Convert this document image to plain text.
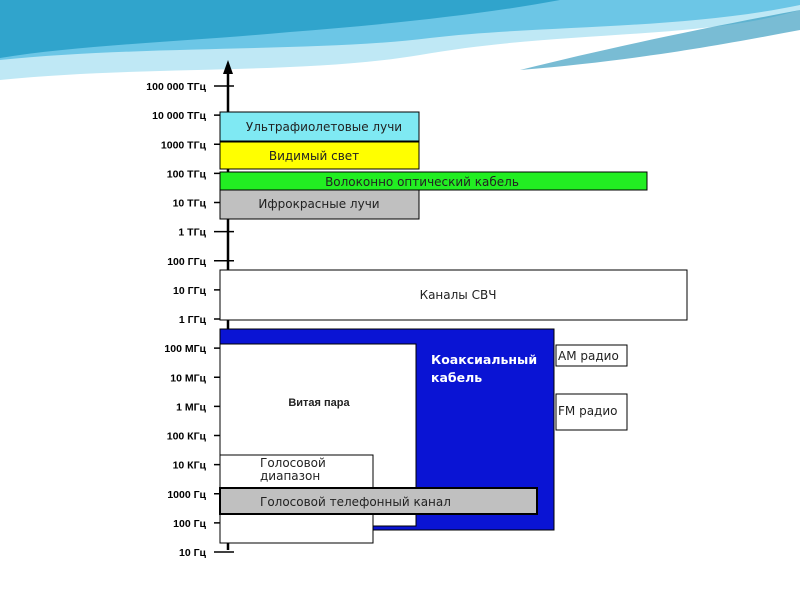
100 000 ТГц
10 000 ТГц
1000 ТГц
100 ТГц
10 ТГц
1 ТГц
100 ГГц
10 ГГц
1 ГГц
100 МГц
10 МГц
1 МГц
100 КГц
10 КГц
1000 Гц
100 Гц
10 Гц
Коаксиальный
кабель
Витая пара
Голосовой
диапазон
Голосовой телефонный канал
AM радио
FM радио
Каналы СВЧ
Ифрокрасные лучи
Волоконно оптический кабель
Видимый свет
Ультрафиолетовые лучи
